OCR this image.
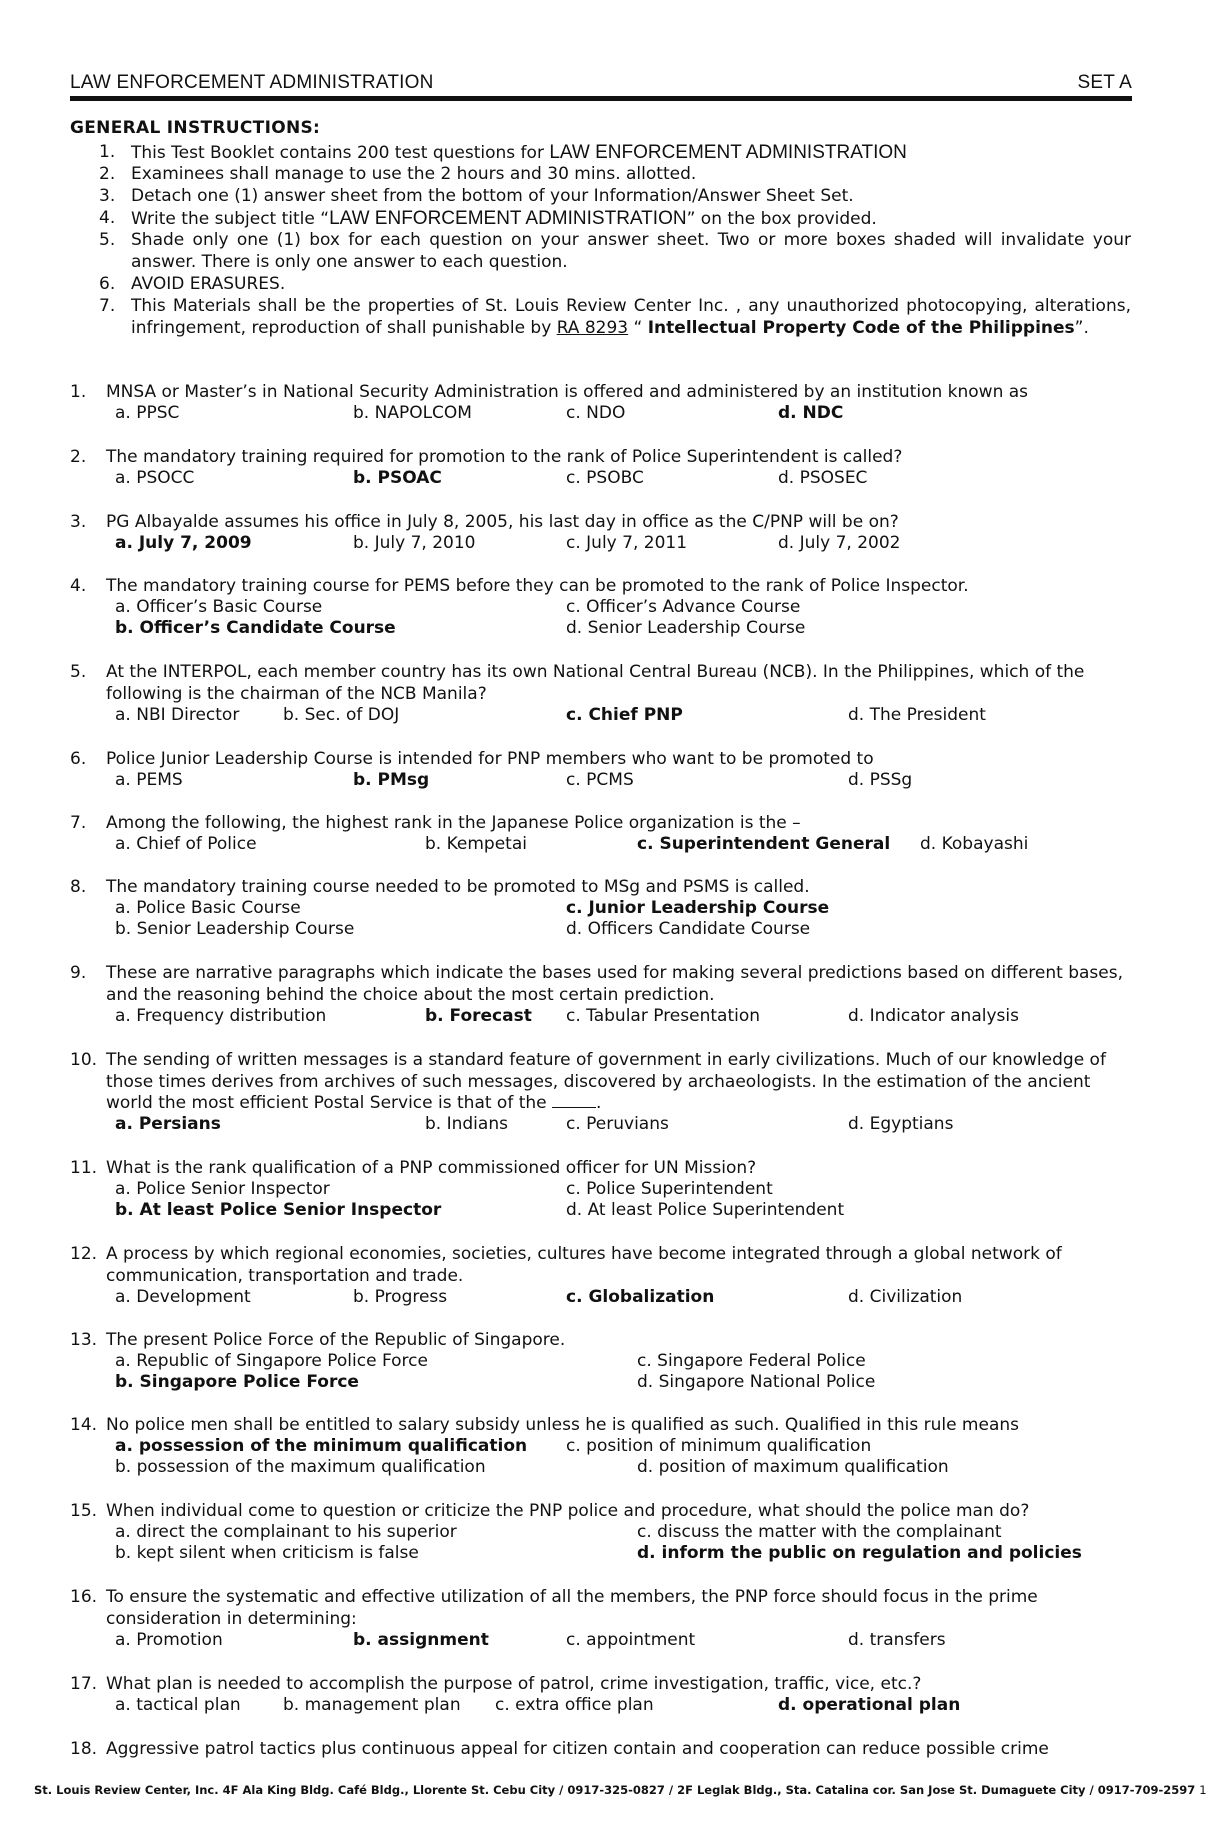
LAW ENFORCEMENT ADMINISTRATION	SET A
GENERAL INSTRUCTIONS:
1. This Test Booklet contains 200 test questions for LAW ENFORCEMENT ADMINISTRATION
2. Examinees shall manage to use the 2 hours and 30 mins. allotted.
3. Detach one (1) answer sheet from the bottom of your Information/Answer Sheet Set.
4. Write the subject title “LAW ENFORCEMENT ADMINISTRATION” on the box provided.
5. Shade only one (1) box for each question on your answer sheet. Two or more boxes shaded will invalidate your answer. There is only one answer to each question.
6. AVOID ERASURES.
7. This Materials shall be the properties of St. Louis Review Center Inc. , any unauthorized photocopying, alterations, infringement, reproduction of shall punishable by RA 8293 “ Intellectual Property Code of the Philippines”.
1. MNSA or Master’s in National Security Administration is offered and administered by an institution known as
a. PPSC	b. NAPOLCOM	c. NDO	d. NDC
2. The mandatory training required for promotion to the rank of Police Superintendent is called?
a. PSOCC	b. PSOAC	c. PSOBC	d. PSOSEC
3. PG Albayalde assumes his office in July 8, 2005, his last day in office as the C/PNP will be on?
a. July 7, 2009	b. July 7, 2010	c. July 7, 2011	d. July 7, 2002
4. The mandatory training course for PEMS before they can be promoted to the rank of Police Inspector.
a. Officer’s Basic Course	c. Officer’s Advance Course
b. Officer’s Candidate Course	d. Senior Leadership Course
5. At the INTERPOL, each member country has its own National Central Bureau (NCB). In the Philippines, which of the following is the chairman of the NCB Manila?
a. NBI Director	b. Sec. of DOJ	c. Chief PNP	d. The President
6. Police Junior Leadership Course is intended for PNP members who want to be promoted to
a. PEMS	b. PMsg	c. PCMS	d. PSSg
7. Among the following, the highest rank in the Japanese Police organization is the –
a. Chief of Police	b. Kempetai	c. Superintendent General d. Kobayashi
8. The mandatory training course needed to be promoted to MSg and PSMS is called.
a. Police Basic Course	c. Junior Leadership Course
b. Senior Leadership Course	d. Officers Candidate Course
9. These are narrative paragraphs which indicate the bases used for making several predictions based on different bases, and the reasoning behind the choice about the most certain prediction.
a. Frequency distribution	b. Forecast c. Tabular Presentation	d. Indicator analysis
10. The sending of written messages is a standard feature of government in early civilizations. Much of our knowledge of those times derives from archives of such messages, discovered by archaeologists. In the estimation of the ancient world the most efficient Postal Service is that of the	.
a. Persians	b. Indians	c. Peruvians	d. Egyptians
11. What is the rank qualification of a PNP commissioned officer for UN Mission?
a. Police Senior Inspector	c. Police Superintendent
b. At least Police Senior Inspector	d. At least Police Superintendent
12. A process by which regional economies, societies, cultures have become integrated through a global network of communication, transportation and trade.
a. Development	b. Progress	c. Globalization	d. Civilization
13. The present Police Force of the Republic of Singapore.
a. Republic of Singapore Police Force	c. Singapore Federal Police
b. Singapore Police Force	d. Singapore National Police
14. No police men shall be entitled to salary subsidy unless he is qualified as such. Qualified in this rule means
a. possession of the minimum qualification c. position of minimum qualification
b. possession of the maximum qualification	d. position of maximum qualification
15. When individual come to question or criticize the PNP police and procedure, what should the police man do?
a. direct the complainant to his superior	c. discuss the matter with the complainant
b. kept silent when criticism is false	d. inform the public on regulation and policies
16. To ensure the systematic and effective utilization of all the members, the PNP force should focus in the prime consideration in determining:
a. Promotion	b. assignment	c. appointment	d. transfers
17. What plan is needed to accomplish the purpose of patrol, crime investigation, traffic, vice, etc.?
a. tactical plan b. management plan c. extra office plan	d. operational plan
18. Aggressive patrol tactics plus continuous appeal for citizen contain and cooperation can reduce possible crime
St. Louis Review Center, Inc. 4F Ala King Bldg. Café Bldg., Llorente St. Cebu City / 0917-325-0827 / 2F Leglak Bldg., Sta. Catalina cor. San Jose St. Dumaguete City / 0917-709-2597 1
